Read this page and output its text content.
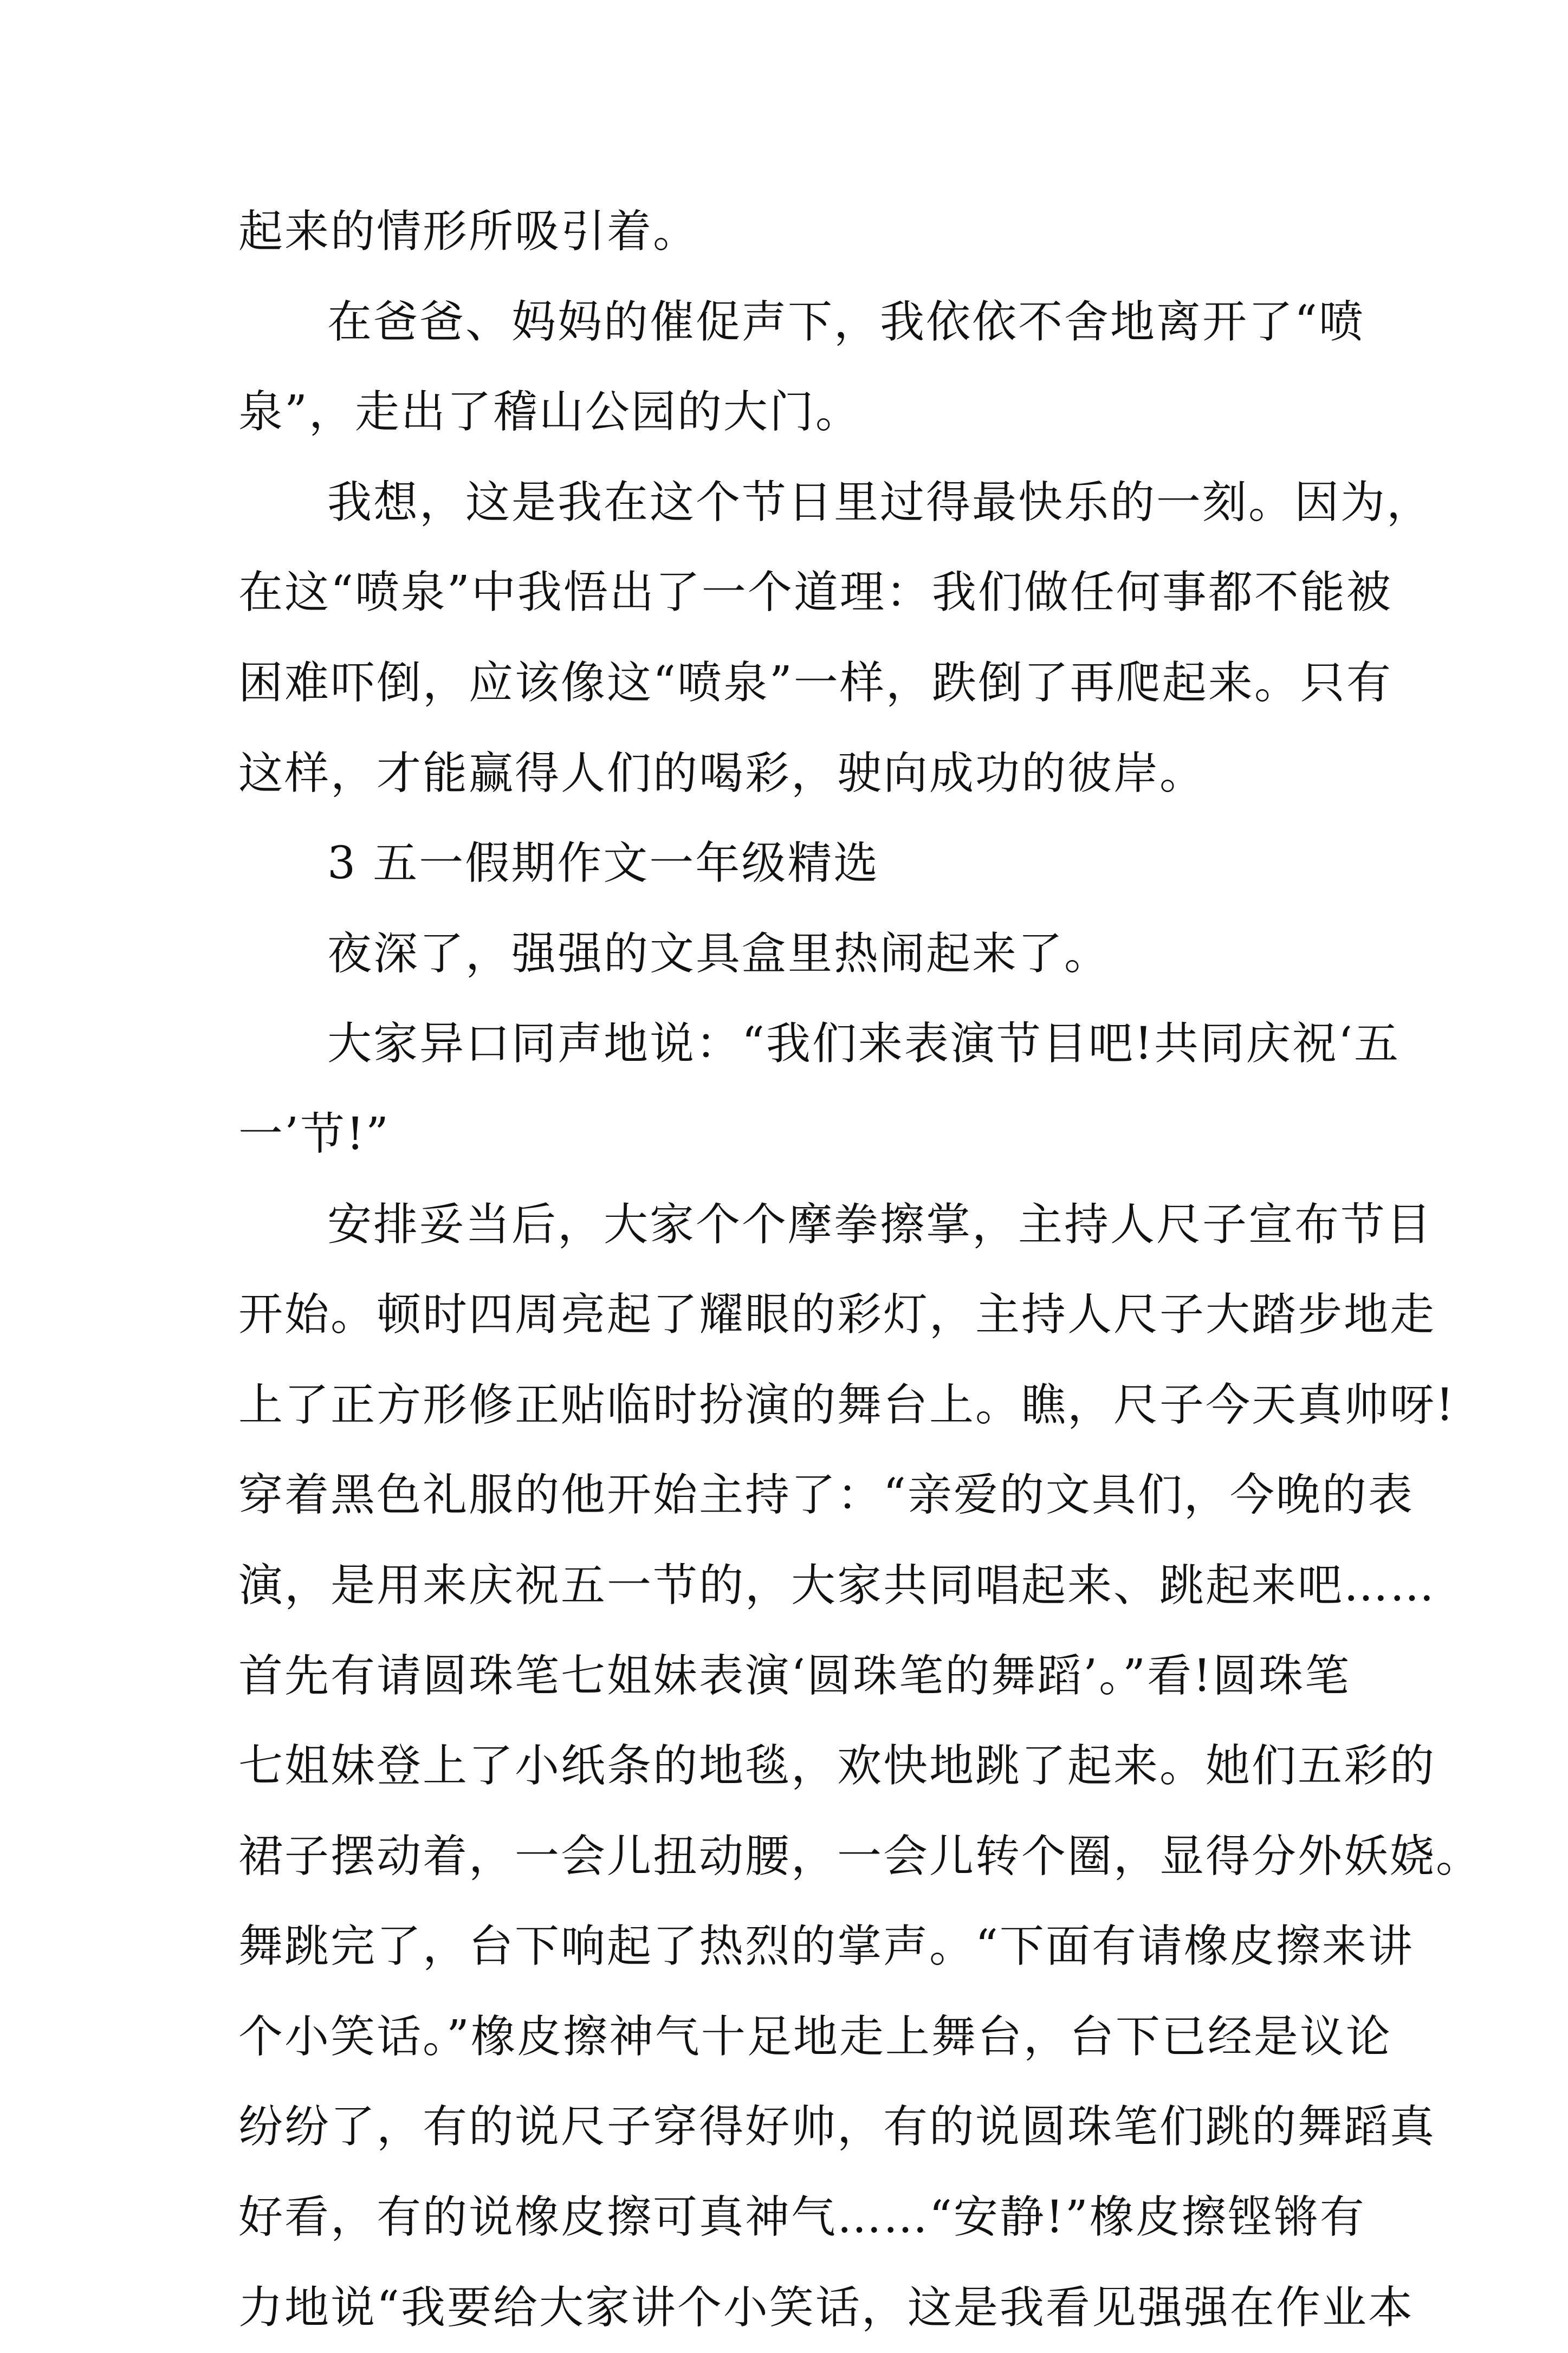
起来的情形所吸引着。
在爸爸、妈妈的催促声下，我依依不舍地离开了“喷
泉”，走出了稽山公园的大门。
我想，这是我在这个节日里过得最快乐的一刻。因为，
在这“喷泉”中我悟出了一个道理：我们做任何事都不能被
困难吓倒，应该像这“喷泉”一样，跌倒了再爬起来。只有
这样，才能赢得人们的喝彩，驶向成功的彼岸。
3 五一假期作文一年级精选
夜深了，强强的文具盒里热闹起来了。
大家异口同声地说：“我们来表演节目吧!共同庆祝‘五
一’节!”
安排妥当后，大家个个摩拳擦掌，主持人尺子宣布节目
开始。顿时四周亮起了耀眼的彩灯，主持人尺子大踏步地走
上了正方形修正贴临时扮演的舞台上。瞧，尺子今天真帅呀!
穿着黑色礼服的他开始主持了：“亲爱的文具们，今晚的表
演，是用来庆祝五一节的，大家共同唱起来、跳起来吧……
首先有请圆珠笔七姐妹表演‘圆珠笔的舞蹈’。”看!圆珠笔
七姐妹登上了小纸条的地毯，欢快地跳了起来。她们五彩的
裙子摆动着，一会儿扭动腰，一会儿转个圈，显得分外妖娆。
舞跳完了，台下响起了热烈的掌声。“下面有请橡皮擦来讲
个小笑话。”橡皮擦神气十足地走上舞台，台下已经是议论
纷纷了，有的说尺子穿得好帅，有的说圆珠笔们跳的舞蹈真
好看，有的说橡皮擦可真神气……“安静!”橡皮擦铿锵有
力地说“我要给大家讲个小笑话，这是我看见强强在作业本
